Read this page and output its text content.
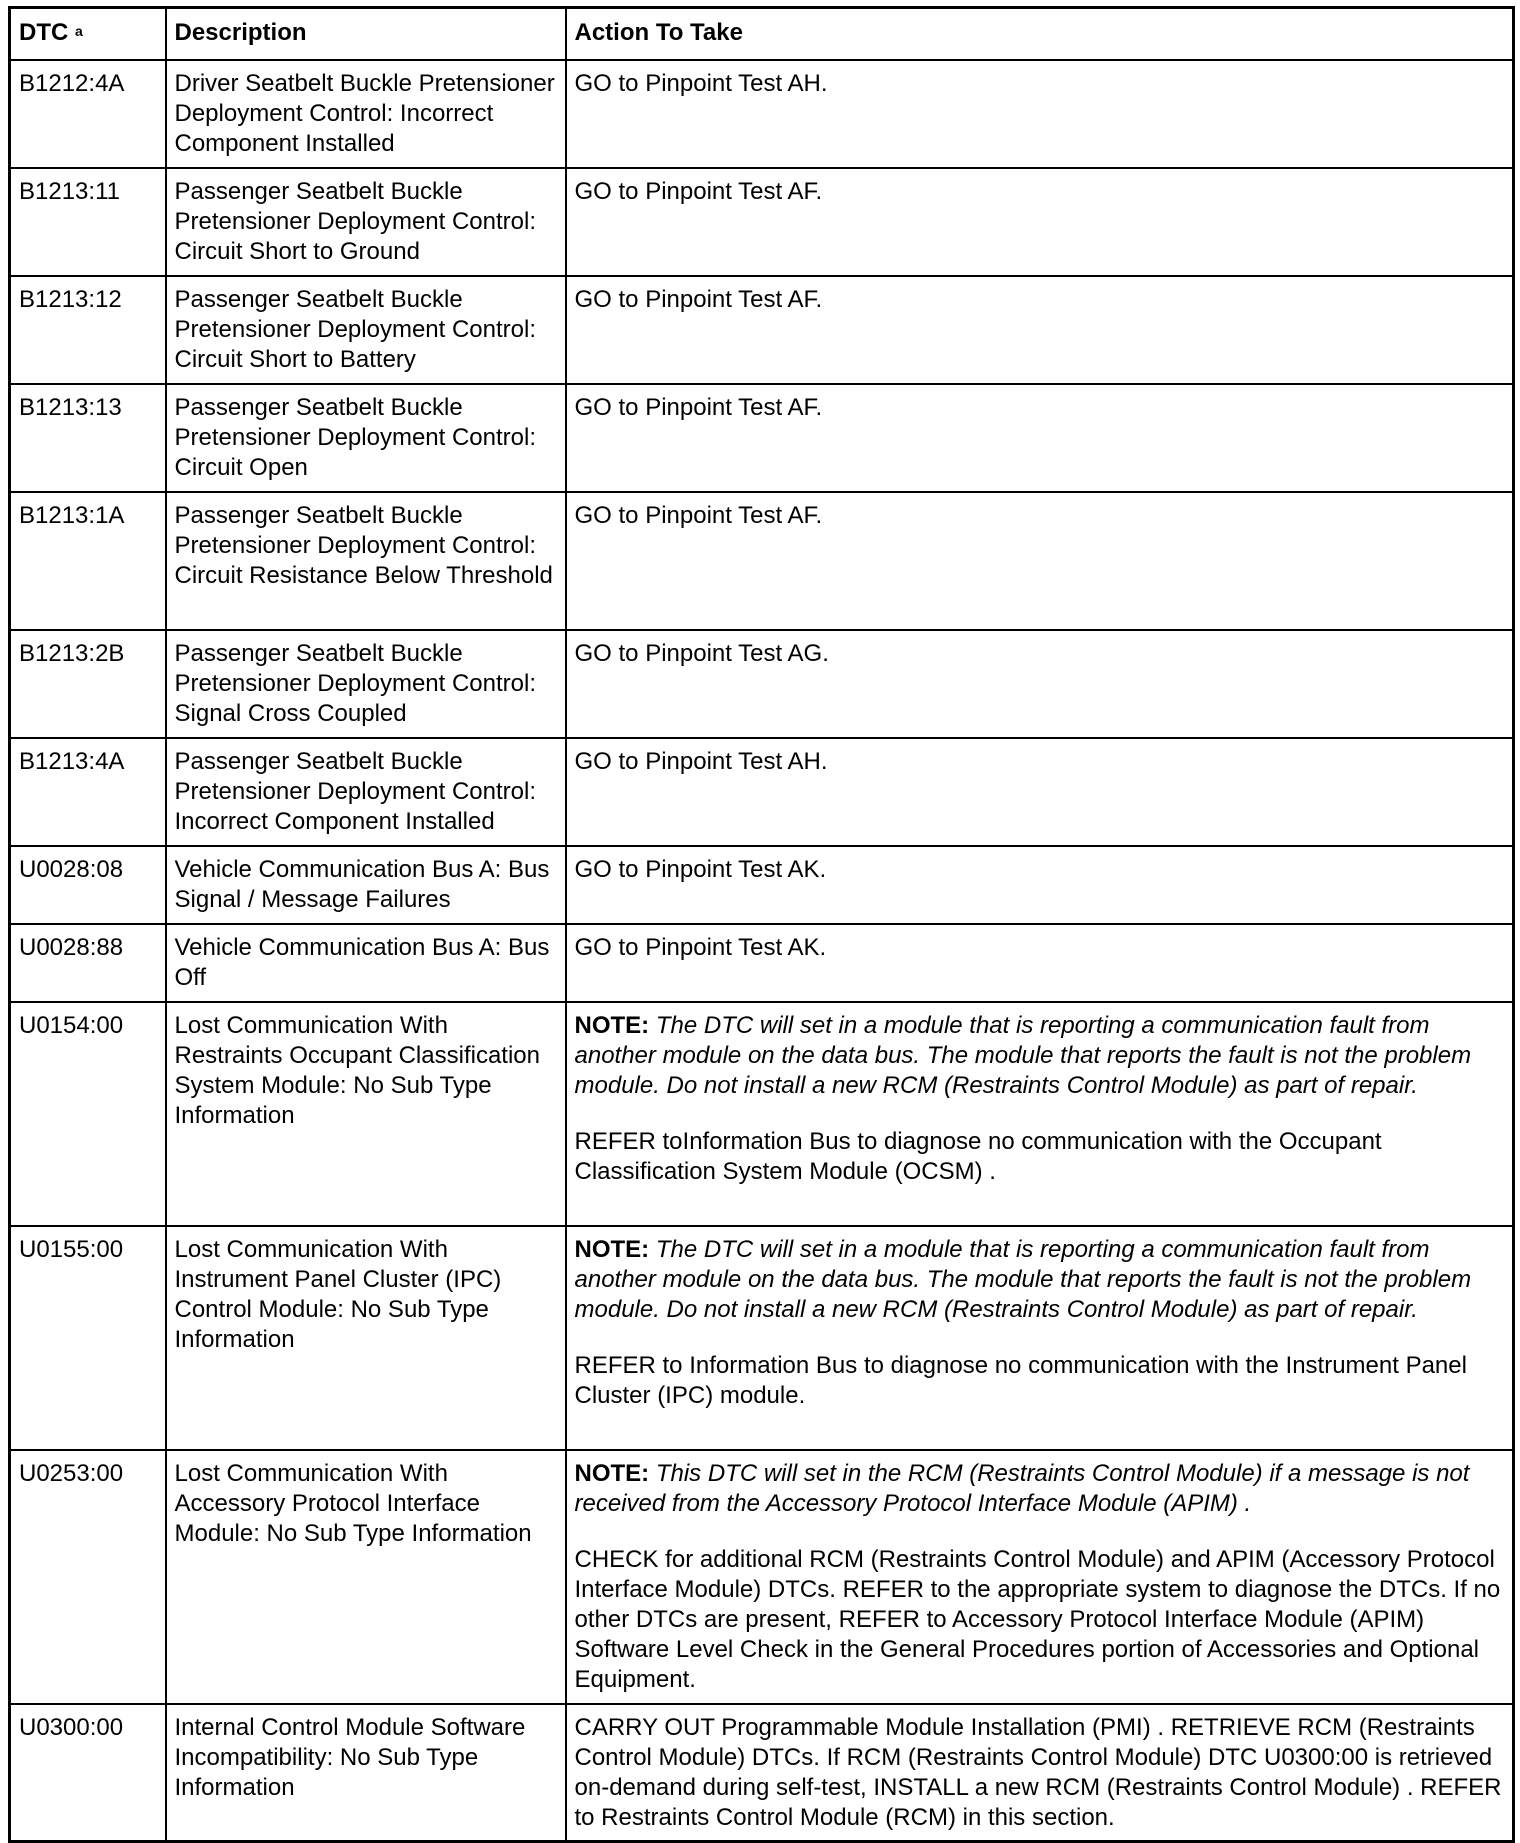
DTC $^a$	Description	Action To Take
B1212:4A	Driver Seatbelt Buckle Pretensioner Deployment Control: Incorrect Component Installed	GO to Pinpoint Test AH.
B1213:11	Passenger Seatbelt Buckle Pretensioner Deployment Control: Circuit Short to Ground	GO to Pinpoint Test AF.
B1213:12	Passenger Seatbelt Buckle Pretensioner Deployment Control: Circuit Short to Battery	GO to Pinpoint Test AF.
B1213:13	Passenger Seatbelt Buckle Pretensioner Deployment Control: Circuit Open	GO to Pinpoint Test AF.
B1213:1A	Passenger Seatbelt Buckle Pretensioner Deployment Control: Circuit Resistance Below Threshold	GO to Pinpoint Test AF.
B1213:2B	Passenger Seatbelt Buckle Pretensioner Deployment Control: Signal Cross Coupled	GO to Pinpoint Test AG.
B1213:4A	Passenger Seatbelt Buckle Pretensioner Deployment Control: Incorrect Component Installed	GO to Pinpoint Test AH.
U0028:08	Vehicle Communication Bus A: Bus Signal / Message Failures	GO to Pinpoint Test AK.
U0028:88	Vehicle Communication Bus A: Bus Off	GO to Pinpoint Test AK.
U0154:00	Lost Communication With Restraints Occupant Classification System Module: No Sub Type Information	NOTE: The DTC will set in a module that is reporting a communication fault from another module on the data bus. The module that reports the fault is not the problem module. Do not install a new RCM (Restraints Control Module) as part of repair.

REFER toInformation Bus to diagnose no communication with the Occupant Classification System Module (OCSM) .

U0155:00	Lost Communication With Instrument Panel Cluster (IPC) Control Module: No Sub Type Information	NOTE: The DTC will set in a module that is reporting a communication fault from another module on the data bus. The module that reports the fault is not the problem module. Do not install a new RCM (Restraints Control Module) as part of repair.

REFER to Information Bus to diagnose no communication with the Instrument Panel Cluster (IPC) module.

U0253:00	Lost Communication With Accessory Protocol Interface Module: No Sub Type Information	NOTE: This DTC will set in the RCM (Restraints Control Module) if a message is not received from the Accessory Protocol Interface Module (APIM) .

CHECK for additional RCM (Restraints Control Module) and APIM (Accessory Protocol Interface Module) DTCs. REFER to the appropriate system to diagnose the DTCs. If no other DTCs are present, REFER to Accessory Protocol Interface Module (APIM) Software Level Check in the General Procedures portion of Accessories and Optional Equipment.

U0300:00	Internal Control Module Software Incompatibility: No Sub Type Information	CARRY OUT Programmable Module Installation (PMI) . RETRIEVE RCM (Restraints Control Module) DTCs. If RCM (Restraints Control Module) DTC U0300:00 is retrieved on-demand during self-test, INSTALL a new RCM (Restraints Control Module) . REFER to Restraints Control Module (RCM) in this section.
